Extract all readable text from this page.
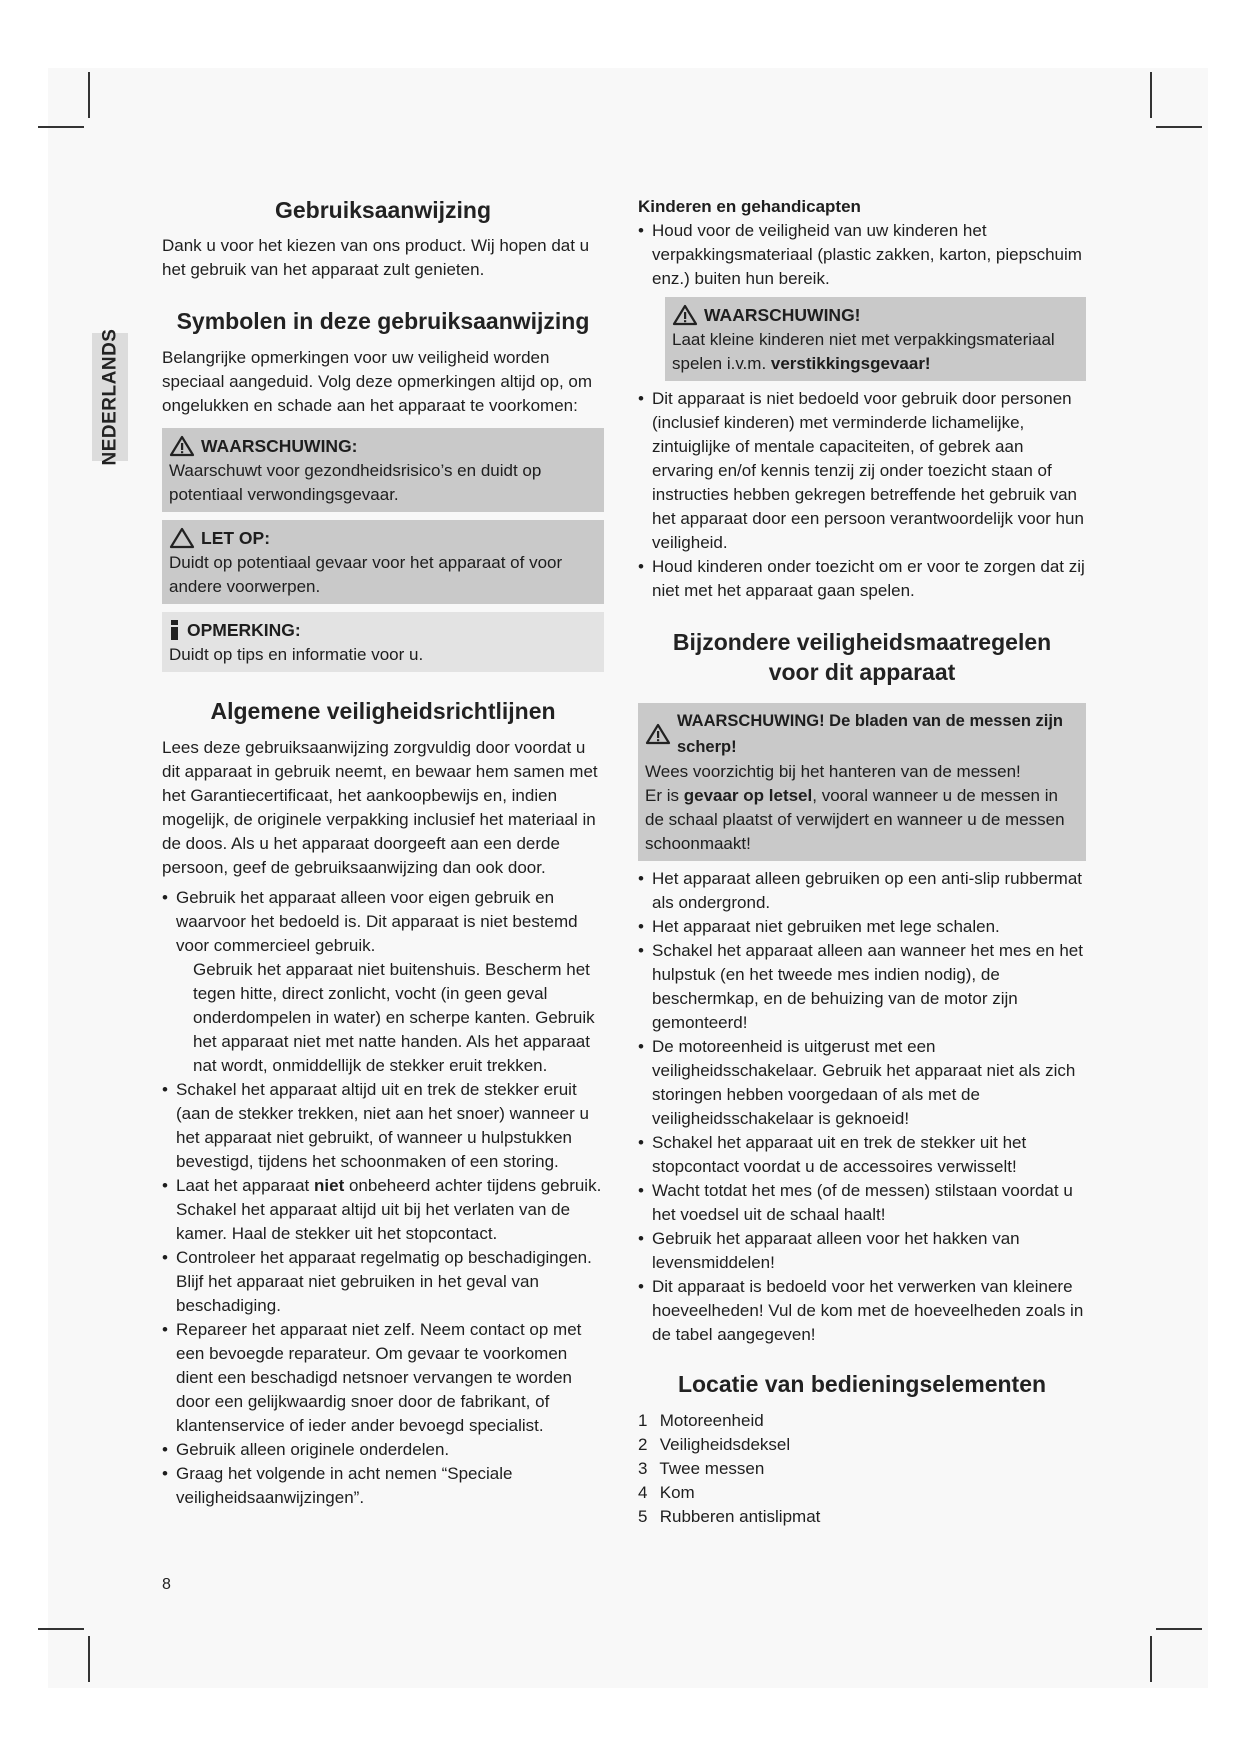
NEDERLANDS
Gebruiksaanwijzing

Dank u voor het kiezen van ons product. Wij hopen dat u het gebruik van het apparaat zult genieten.

Symbolen in deze gebruiksaanwijzing

Belangrijke opmerkingen voor uw veiligheid worden speciaal aangeduid. Volg deze opmerkingen altijd op, om ongelukken en schade aan het apparaat te voorkomen:

WAARSCHUWING:

Waarschuwt voor gezondheidsrisico’s en duidt op potentiaal verwondingsgevaar.

LET OP:

Duidt op potentiaal gevaar voor het apparaat of voor andere voorwerpen.

OPMERKING:

Duidt op tips en informatie voor u.

Algemene veiligheidsrichtlijnen

Lees deze gebruiksaanwijzing zorgvuldig door voordat u dit apparaat in gebruik neemt, en bewaar hem samen met het Garantiecertificaat, het aankoopbewijs en, indien mogelijk, de originele verpakking inclusief het materiaal in de doos. Als u het apparaat doorgeeft aan een derde persoon, geef de gebruiksaanwijzing dan ook door.

• Gebruik het apparaat alleen voor eigen gebruik en waarvoor het bedoeld is. Dit apparaat is niet bestemd voor commercieel gebruik.
Gebruik het apparaat niet buitenshuis. Bescherm het tegen hitte, direct zonlicht, vocht (in geen geval onderdompelen in water) en scherpe kanten. Gebruik het apparaat niet met natte handen. Als het apparaat nat wordt, onmiddellijk de stekker eruit trekken.
• Schakel het apparaat altijd uit en trek de stekker eruit (aan de stekker trekken, niet aan het snoer) wanneer u het apparaat niet gebruikt, of wanneer u hulpstukken bevestigd, tijdens het schoonmaken of een storing.
• Laat het apparaat niet onbeheerd achter tijdens gebruik. Schakel het apparaat altijd uit bij het verlaten van de kamer. Haal de stekker uit het stopcontact.
• Controleer het apparaat regelmatig op beschadigingen. Blijf het apparaat niet gebruiken in het geval van beschadiging.
• Repareer het apparaat niet zelf. Neem contact op met een bevoegde reparateur. Om gevaar te voorkomen dient een beschadigd netsnoer vervangen te worden door een gelijkwaardig snoer door de fabrikant, of klantenservice of ieder ander bevoegd specialist.
• Gebruik alleen originele onderdelen.
• Graag het volgende in acht nemen “Speciale veiligheidsaanwijzingen”.
Kinderen en gehandicapten
• Houd voor de veiligheid van uw kinderen het verpakkingsmateriaal (plastic zakken, karton, piepschuim enz.) buiten hun bereik.
WAARSCHUWING!

Laat kleine kinderen niet met verpakkingsmateriaal spelen i.v.m. verstikkingsgevaar!

• Dit apparaat is niet bedoeld voor gebruik door personen (inclusief kinderen) met verminderde lichamelijke, zintuiglijke of mentale capaciteiten, of gebrek aan ervaring en/of kennis tenzij zij onder toezicht staan of instructies hebben gekregen betreffende het gebruik van het apparaat door een persoon verantwoordelijk voor hun veiligheid.
• Houd kinderen onder toezicht om er voor te zorgen dat zij niet met het apparaat gaan spelen.
Bijzondere veiligheidsmaatregelen
voor dit apparaat
WAARSCHUWING! De bladen van de messen zijn scherp!

Wees voorzichtig bij het hanteren van de messen!

Er is gevaar op letsel, vooral wanneer u de messen in de schaal plaatst of verwijdert en wanneer u de messen schoonmaakt!

• Het apparaat alleen gebruiken op een anti-slip rubbermat als ondergrond.
• Het apparaat niet gebruiken met lege schalen.
• Schakel het apparaat alleen aan wanneer het mes en het hulpstuk (en het tweede mes indien nodig), de beschermkap, en de behuizing van de motor zijn gemonteerd!
• De motoreenheid is uitgerust met een veiligheidsschakelaar. Gebruik het apparaat niet als zich storingen hebben voorgedaan of als met de veiligheidsschakelaar is geknoeid!
• Schakel het apparaat uit en trek de stekker uit het stopcontact voordat u de accessoires verwisselt!
• Wacht totdat het mes (of de messen) stilstaan voordat u het voedsel uit de schaal haalt!
• Gebruik het apparaat alleen voor het hakken van levensmiddelen!
• Dit apparaat is bedoeld voor het verwerken van kleinere hoeveelheden! Vul de kom met de hoeveelheden zoals in de tabel aangegeven!
Locatie van bedieningselementen
1 Motoreenheid
2 Veiligheidsdeksel
3 Twee messen
4 Kom
5 Rubberen antislipmat
8
